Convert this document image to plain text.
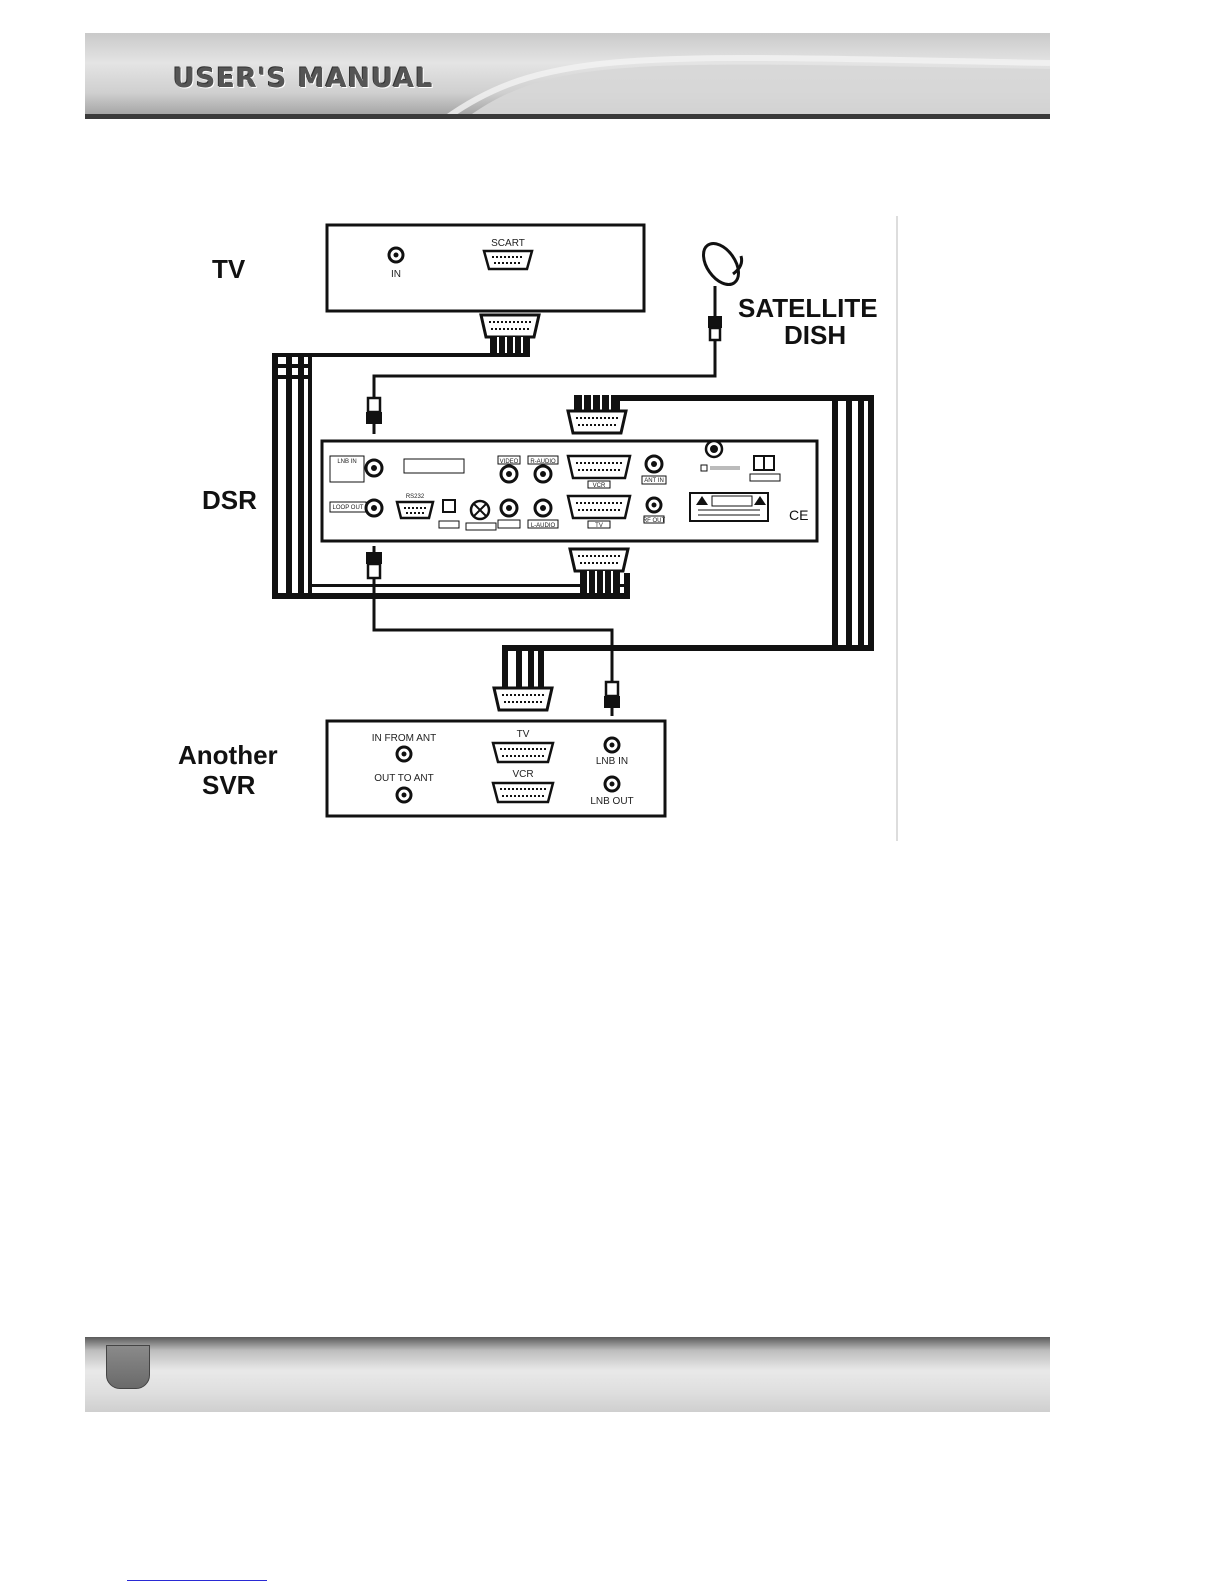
USER'S MANUAL
IN
SCART
TV
SATELLITE
DISH
LNB IN
LOOP OUT
RS232
VIDEO R-AUDIO
L-AUDIO
VCR
TV
ANT IN
RF OUT	CE
DSR
IN FROM ANT
OUT TO ANT
TV
VCR
LNB IN
LNB OUT
Another
SVR
